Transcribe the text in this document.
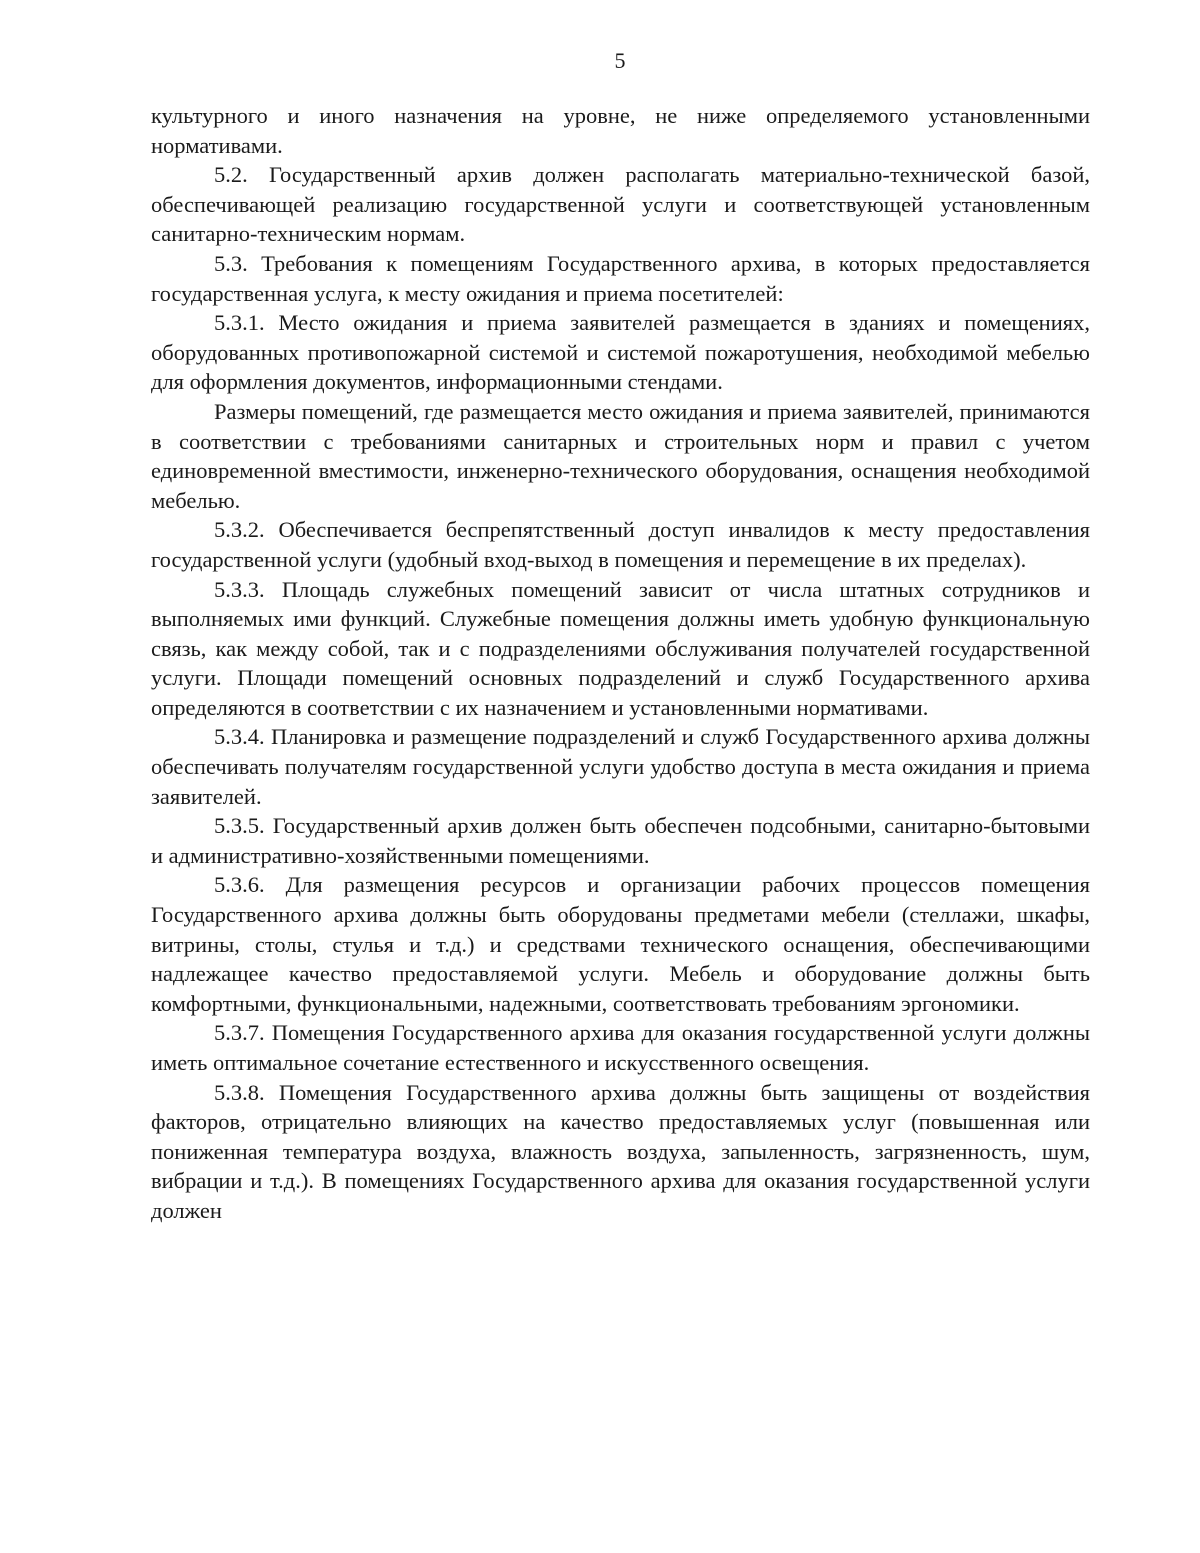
5

культурного и иного назначения на уровне, не ниже определяемого установленными нормативами.

5.2. Государственный архив должен располагать материально-технической базой, обеспечивающей реализацию государственной услуги и соответствующей установленным санитарно-техническим нормам.

5.3. Требования к помещениям Государственного архива, в которых предоставляется государственная услуга, к месту ожидания и приема посетителей:

5.3.1. Место ожидания и приема заявителей размещается в зданиях и помещениях, оборудованных противопожарной системой и системой пожаротушения, необходимой мебелью для оформления документов, информационными стендами.

Размеры помещений, где размещается место ожидания и приема заявителей, принимаются в соответствии с требованиями санитарных и строительных норм и правил с учетом единовременной вместимости, инженерно-технического оборудования, оснащения необходимой мебелью.

5.3.2. Обеспечивается беспрепятственный доступ инвалидов к месту предоставления государственной услуги (удобный вход-выход в помещения и перемещение в их пределах).

5.3.3. Площадь служебных помещений зависит от числа штатных сотрудников и выполняемых ими функций. Служебные помещения должны иметь удобную функциональную связь, как между собой, так и с подразделениями обслуживания получателей государственной услуги. Площади помещений основных подразделений и служб Государственного архива определяются в соответствии с их назначением и установленными нормативами.

5.3.4. Планировка и размещение подразделений и служб Государственного архива должны обеспечивать получателям государственной услуги удобство доступа в места ожидания и приема заявителей.

5.3.5. Государственный архив должен быть обеспечен подсобными, санитарно-бытовыми и административно-хозяйственными помещениями.

5.3.6. Для размещения ресурсов и организации рабочих процессов помещения Государственного архива должны быть оборудованы предметами мебели (стеллажи, шкафы, витрины, столы, стулья и т.д.) и средствами технического оснащения, обеспечивающими надлежащее качество предоставляемой услуги. Мебель и оборудование должны быть комфортными, функциональными, надежными, соответствовать требованиям эргономики.

5.3.7. Помещения Государственного архива для оказания государственной услуги должны иметь оптимальное сочетание естественного и искусственного освещения.

5.3.8. Помещения Государственного архива должны быть защищены от воздействия факторов, отрицательно влияющих на качество предоставляемых услуг (повышенная или пониженная температура воздуха, влажность воздуха, запыленность, загрязненность, шум, вибрации и т.д.). В помещениях Государственного архива для оказания государственной услуги должен
